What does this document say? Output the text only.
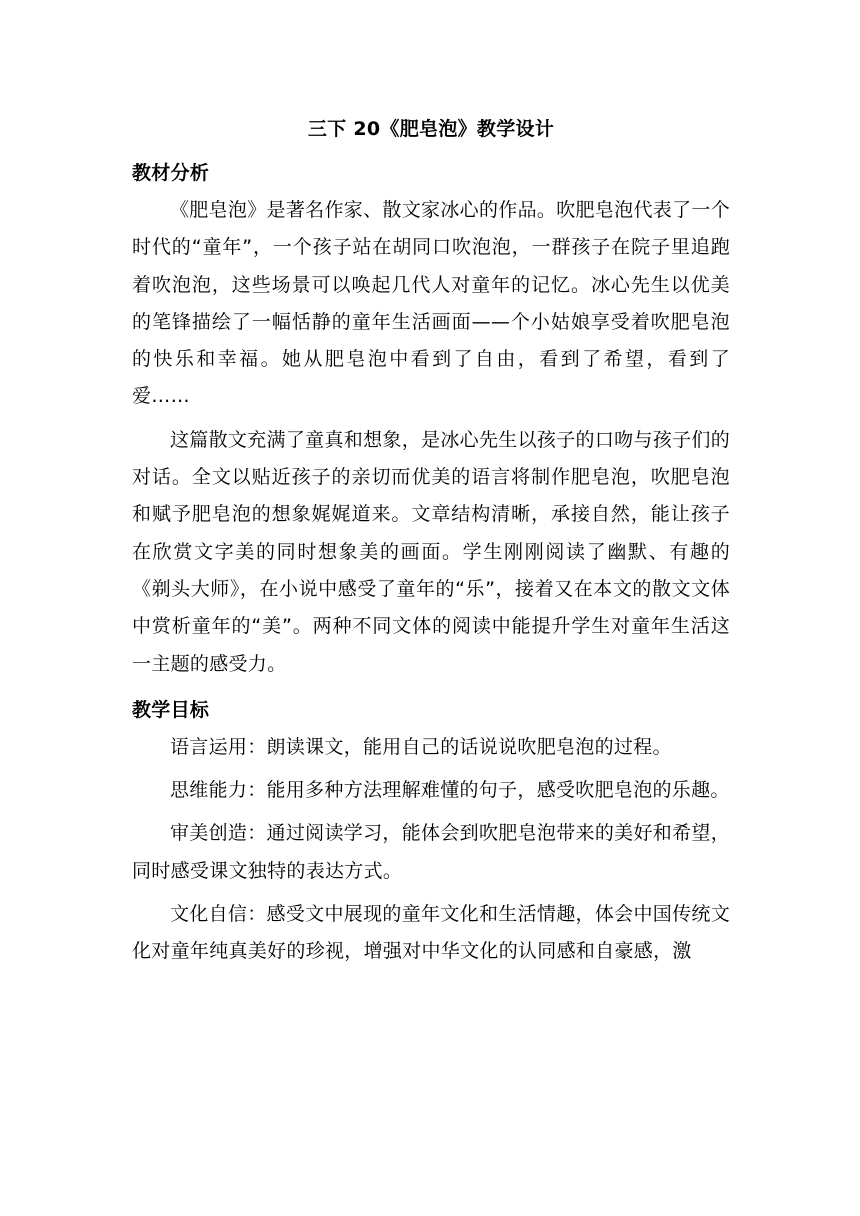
三下 20《肥皂泡》教学设计
教材分析

《肥皂泡》是著名作家、散文家冰心的作品。吹肥皂泡代表了一个时代的“童年”，一个孩子站在胡同口吹泡泡，一群孩子在院子里追跑着吹泡泡，这些场景可以唤起几代人对童年的记忆。冰心先生以优美的笔锋描绘了一幅恬静的童年生活画面——个小姑娘享受着吹肥皂泡的快乐和幸福。她从肥皂泡中看到了自由，看到了希望，看到了爱……

这篇散文充满了童真和想象，是冰心先生以孩子的口吻与孩子们的对话。全文以贴近孩子的亲切而优美的语言将制作肥皂泡，吹肥皂泡和赋予肥皂泡的想象娓娓道来。文章结构清晰，承接自然，能让孩子在欣赏文字美的同时想象美的画面。学生刚刚阅读了幽默、有趣的《剃头大师》，在小说中感受了童年的“乐”，接着又在本文的散文文体中赏析童年的“美”。两种不同文体的阅读中能提升学生对童年生活这一主题的感受力。

教学目标

语言运用：朗读课文，能用自己的话说说吹肥皂泡的过程。

思维能力：能用多种方法理解难懂的句子，感受吹肥皂泡的乐趣。

审美创造：通过阅读学习，能体会到吹肥皂泡带来的美好和希望，同时感受课文独特的表达方式。

文化自信：感受文中展现的童年文化和生活情趣，体会中国传统文化对童年纯真美好的珍视，增强对中华文化的认同感和自豪感，激
